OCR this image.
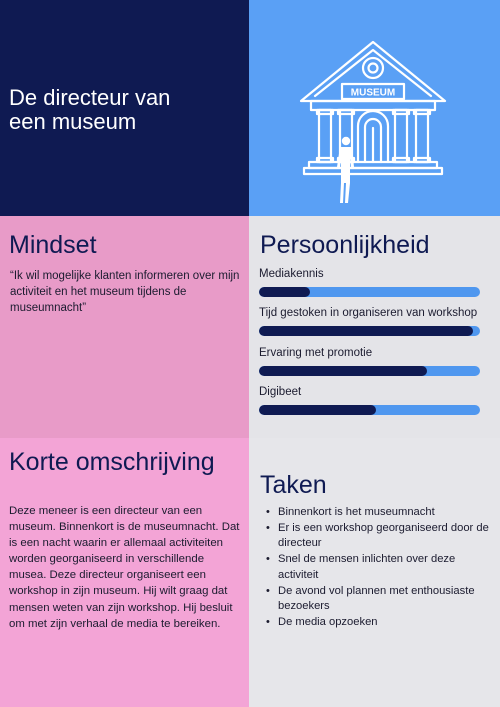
De directeur van
een museum
MUSEUM
Mindset
“Ik wil mogelijke klanten informeren over mijn activiteit en het museum tijdens de museumnacht”
Persoonlijkheid
Mediakennis
Tijd gestoken in organiseren van workshop
Ervaring met promotie
Digibeet
Korte omschrijving
Deze meneer is een directeur van een museum. Binnenkort is de museumnacht. Dat is een nacht waarin er allemaal activiteiten worden georganiseerd in verschillende musea. Deze directeur organiseert een workshop in zijn museum. Hij wilt graag dat mensen weten van zijn workshop. Hij besluit om met zijn verhaal de media te bereiken.
Taken
• Binnenkort is het museumnacht
• Er is een workshop georganiseerd door de directeur
• Snel de mensen inlichten over deze activiteit
• De avond vol plannen met enthousiaste bezoekers
• De media opzoeken
